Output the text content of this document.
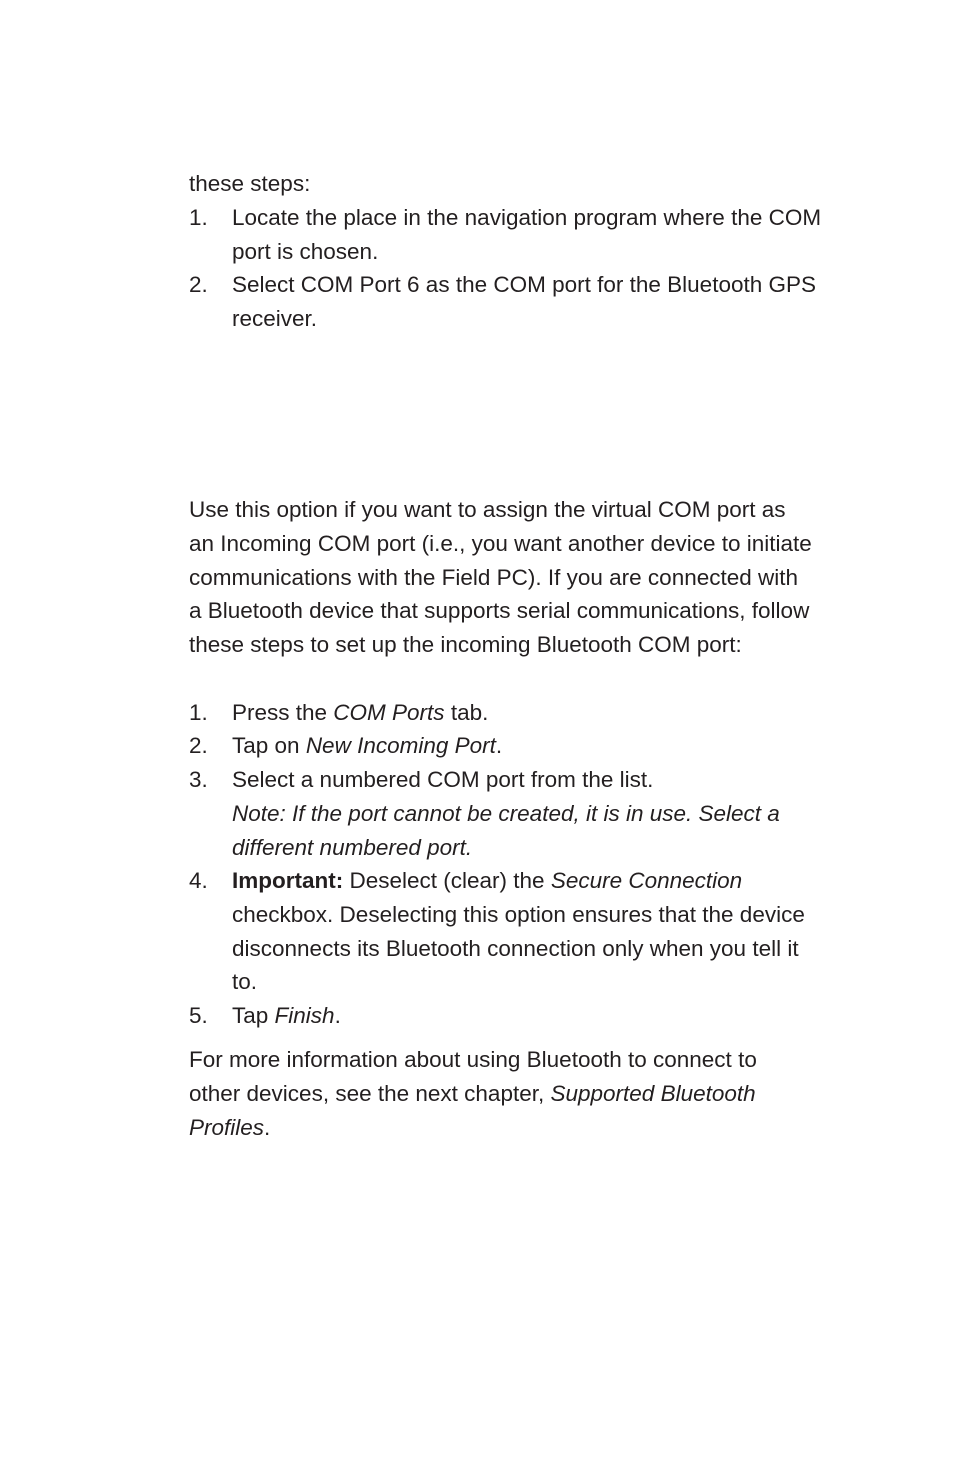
these steps:

1.	Locate the place in the navigation program where the COM port is chosen.
2.	Select COM Port 6 as the COM port for the Bluetooth GPS receiver.

Use this option if you want to assign the virtual COM port as an Incoming COM port (i.e., you want another device to initiate communications with the Field PC). If you are connected with a Bluetooth device that supports serial communications, follow these steps to set up the incoming Bluetooth COM port:

1.	Press the COM Ports tab.
2.	Tap on New Incoming Port.
3.	Select a numbered COM port from the list.
Note: If the port cannot be created, it is in use. Select a different numbered port.
4.	Important: Deselect (clear) the Secure Connection checkbox. Deselecting this option ensures that the device disconnects its Bluetooth connection only when you tell it to.
5.	Tap Finish.

For more information about using Bluetooth to connect to other devices, see the next chapter, Supported Bluetooth Profiles.
